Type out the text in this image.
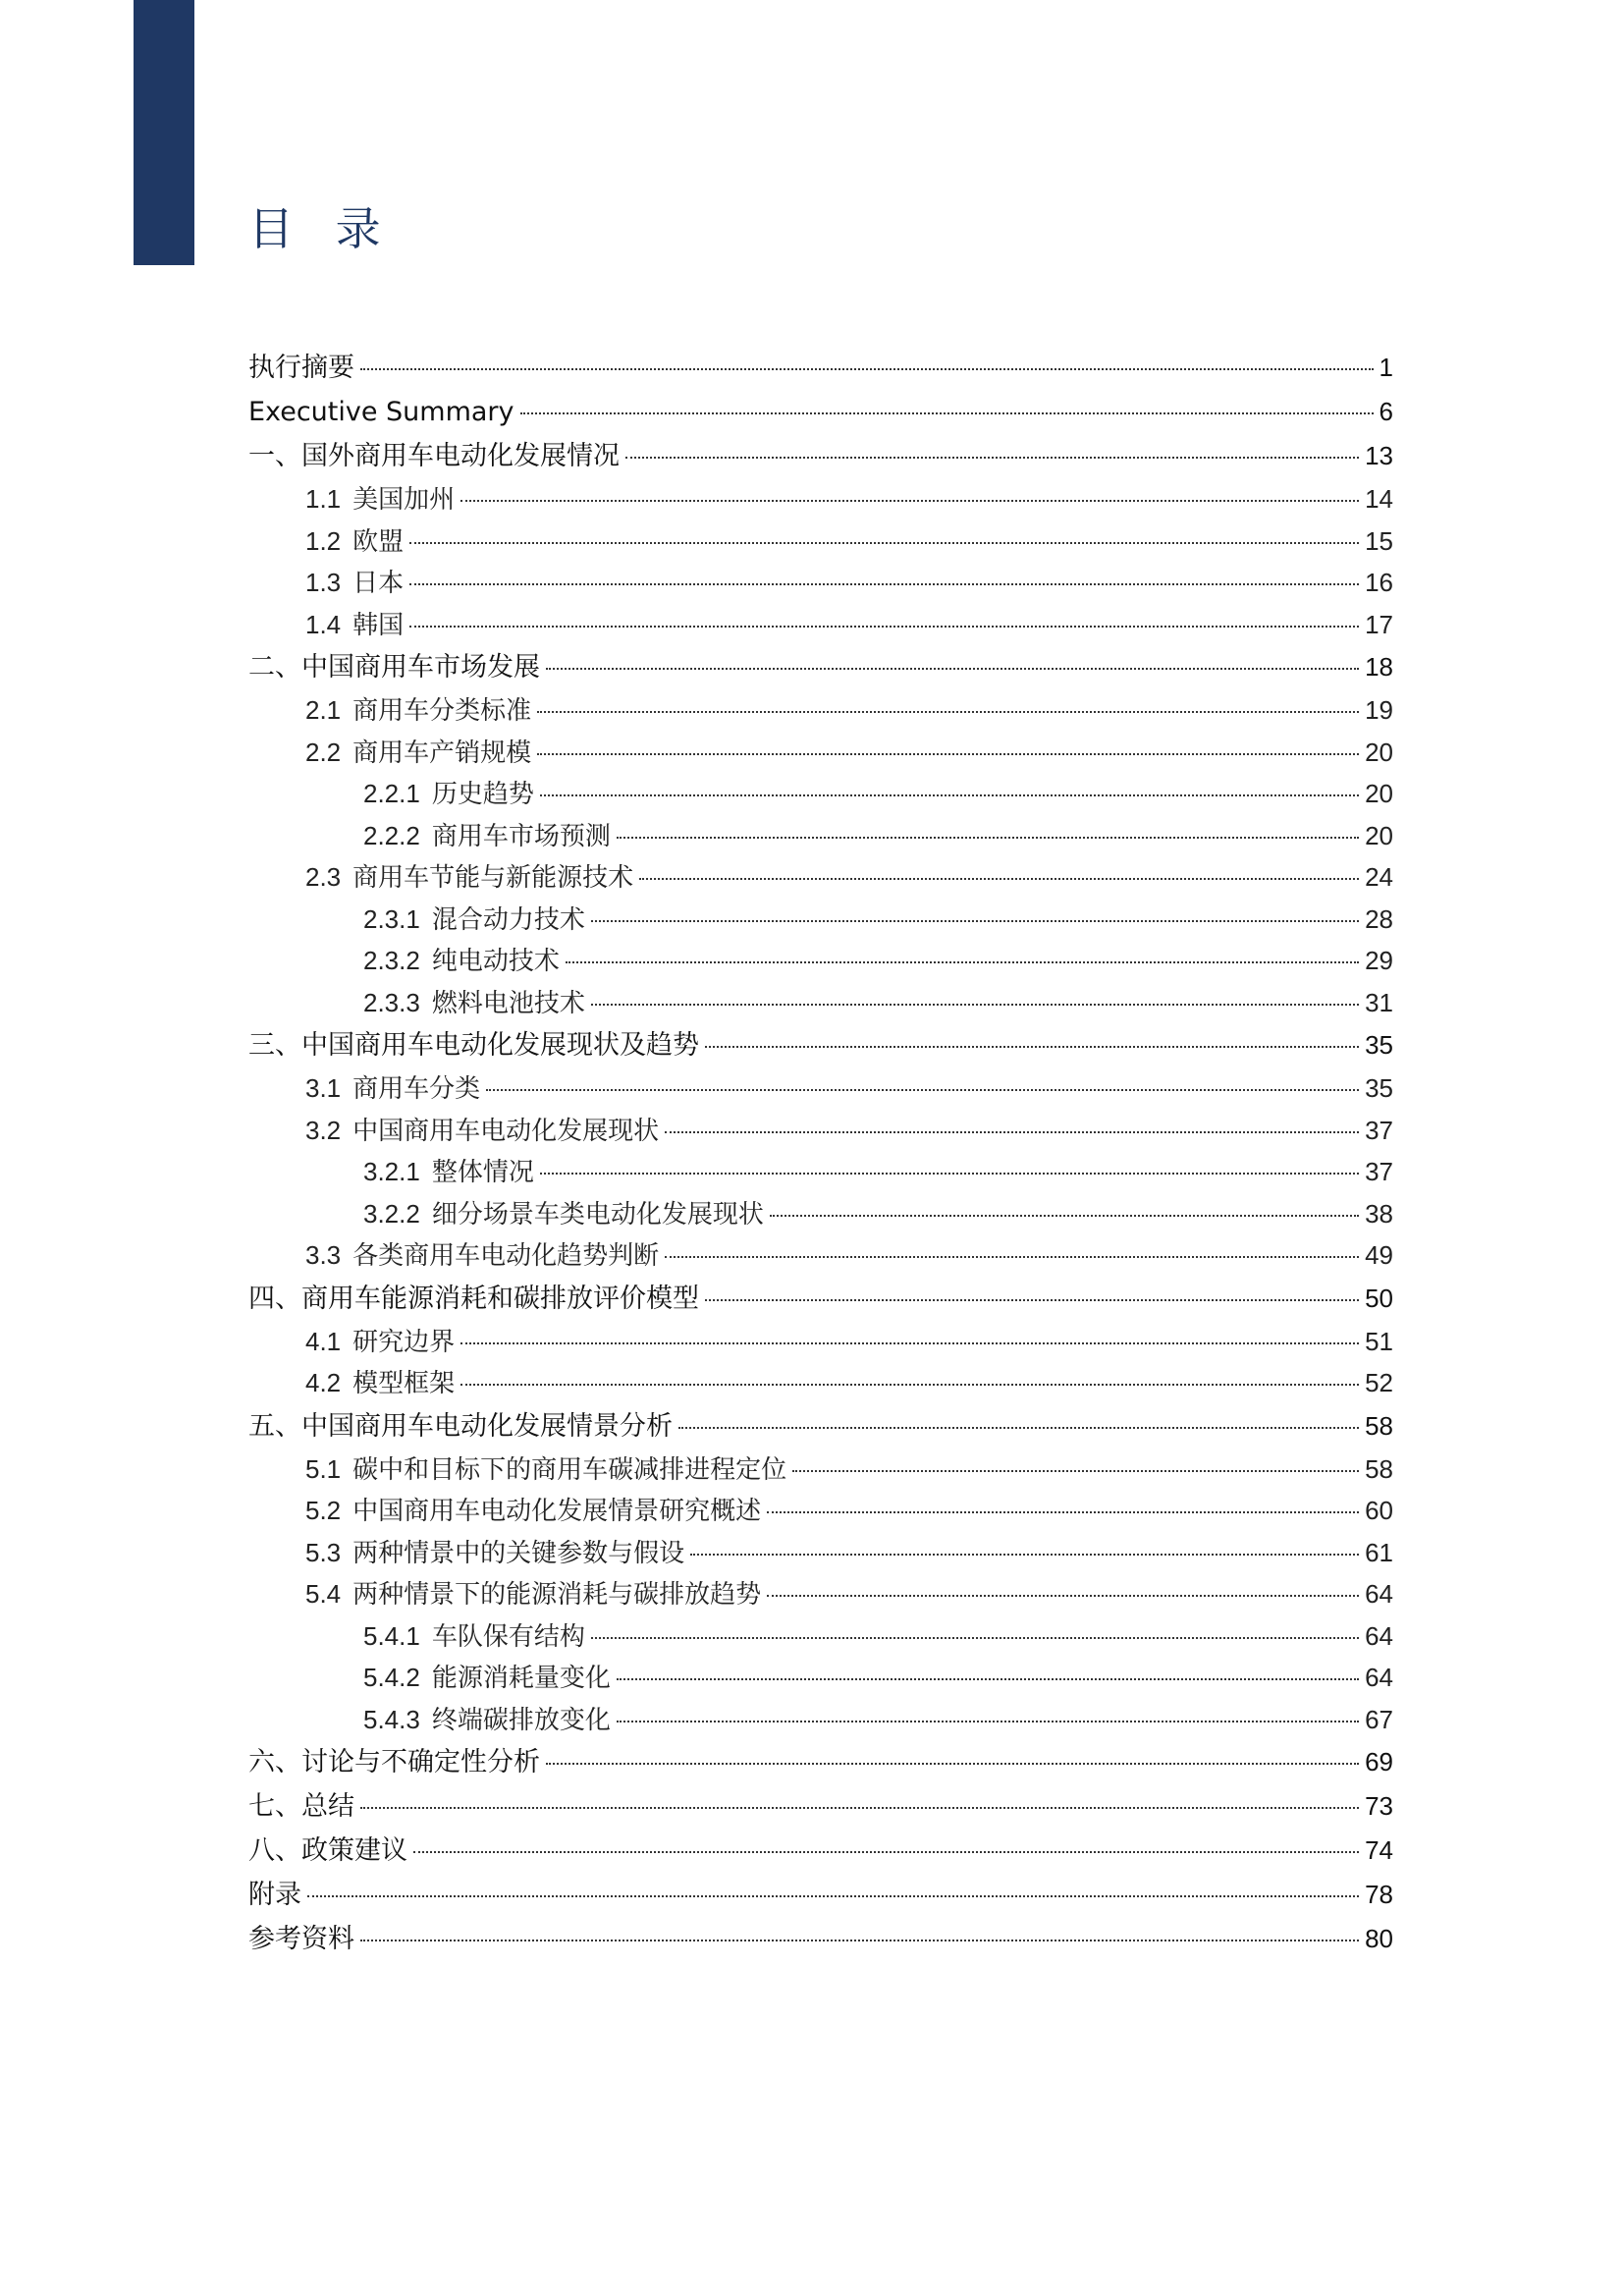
目 录
执行摘要	1
Executive Summary	6
一、国外商用车电动化发展情况	13
1.1 美国加州	14
1.2 欧盟	15
1.3 日本	16
1.4 韩国	17
二、中国商用车市场发展	18
2.1 商用车分类标准	19
2.2 商用车产销规模	20
2.2.1 历史趋势	20
2.2.2 商用车市场预测	20
2.3 商用车节能与新能源技术	24
2.3.1 混合动力技术	28
2.3.2 纯电动技术	29
2.3.3 燃料电池技术	31
三、中国商用车电动化发展现状及趋势	35
3.1 商用车分类	35
3.2 中国商用车电动化发展现状	37
3.2.1 整体情况	37
3.2.2 细分场景车类电动化发展现状	38
3.3 各类商用车电动化趋势判断	49
四、商用车能源消耗和碳排放评价模型	50
4.1 研究边界	51
4.2 模型框架	52
五、中国商用车电动化发展情景分析	58
5.1 碳中和目标下的商用车碳减排进程定位	58
5.2 中国商用车电动化发展情景研究概述	60
5.3 两种情景中的关键参数与假设	61
5.4 两种情景下的能源消耗与碳排放趋势	64
5.4.1 车队保有结构	64
5.4.2 能源消耗量变化	64
5.4.3 终端碳排放变化	67
六、讨论与不确定性分析	69
七、总结	73
八、政策建议	74
附录	78
参考资料	80
